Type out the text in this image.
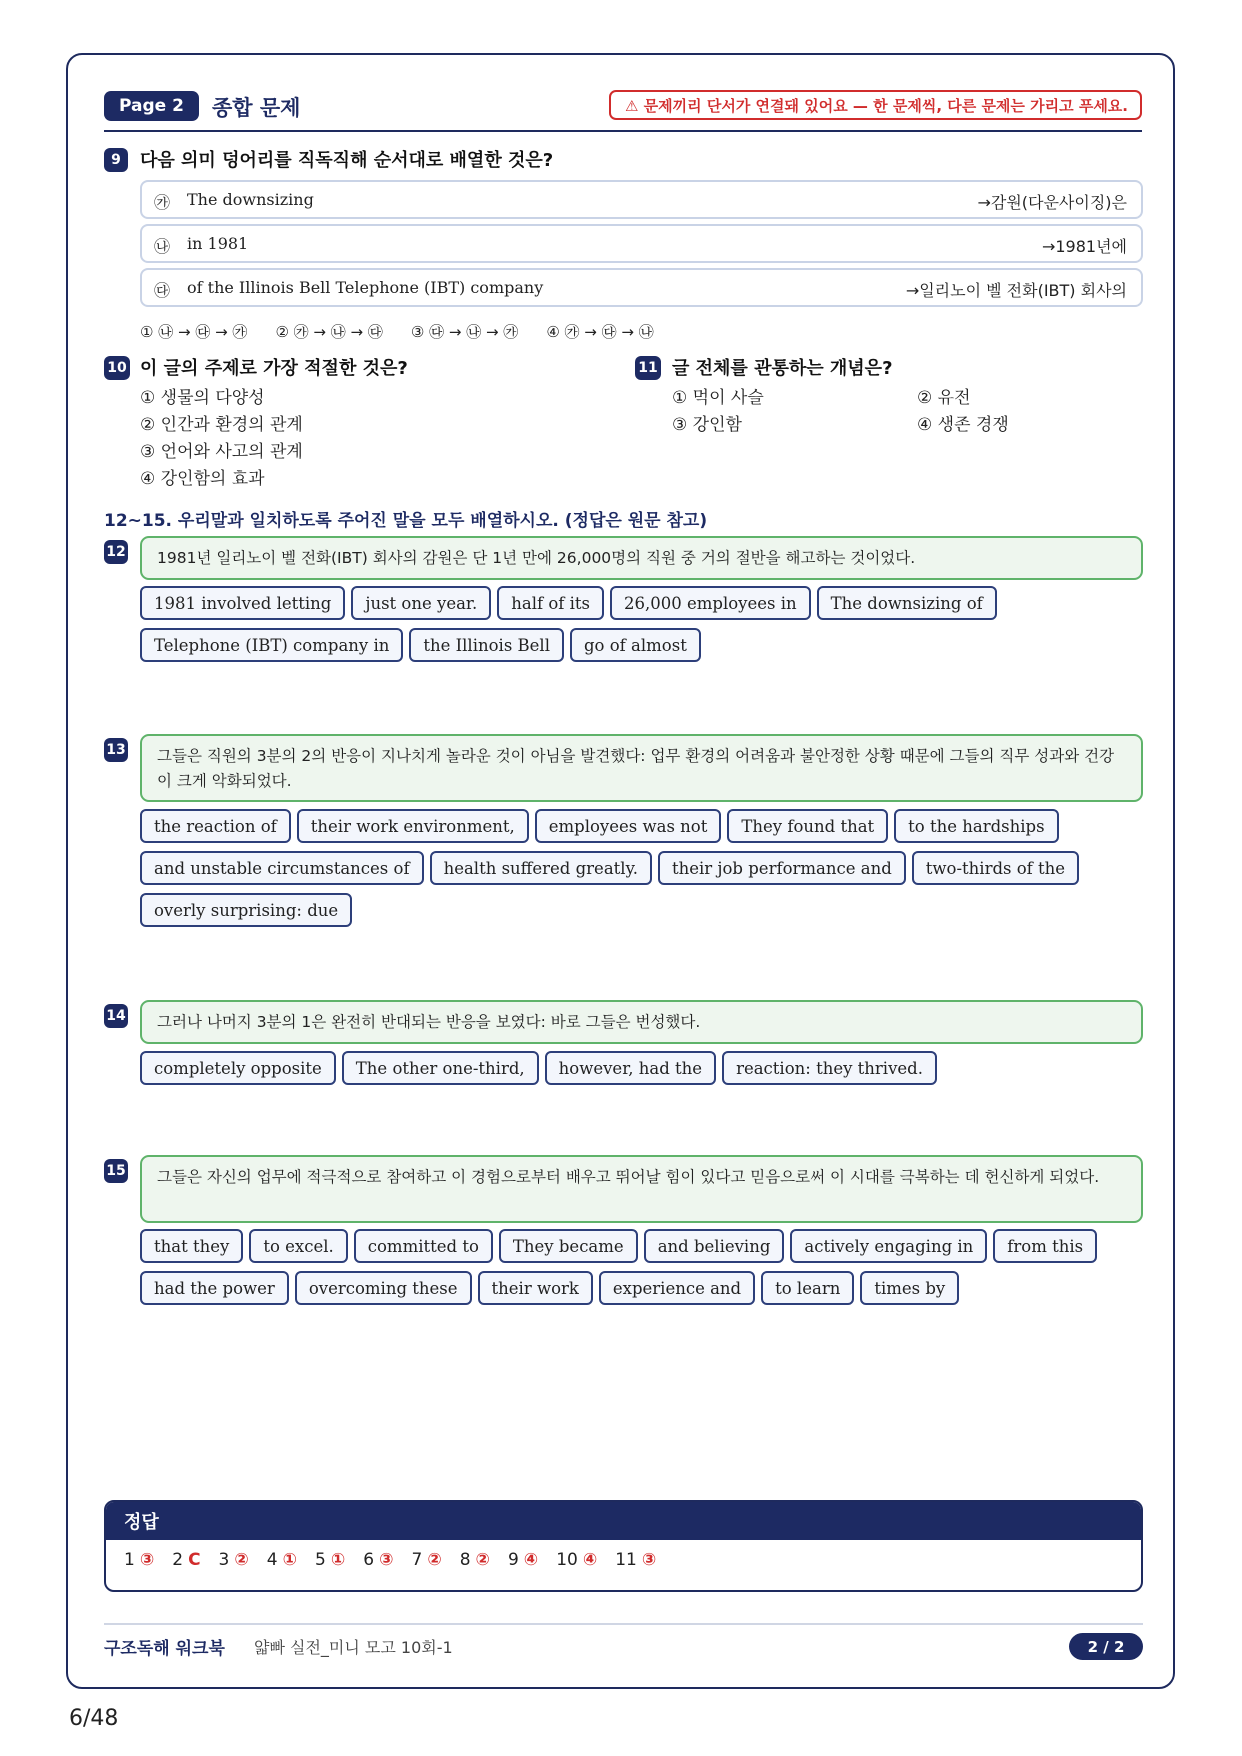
Page 2	종합 문제	⚠ 문제끼리 단서가 연결돼 있어요 — 한 문제씩, 다른 문제는 가리고 푸세요.
9	다음 의미 덩어리를 직독직해 순서대로 배열한 것은?
㉮ The downsizing	→감원(다운사이징)은
㉯ in 1981	→1981년에
㉰ of the Illinois Bell Telephone (IBT) company	→일리노이 벨 전화(IBT) 회사의
① ㉯ → ㉰ → ㉮ ② ㉮ → ㉯ → ㉰ ③ ㉰ → ㉯ → ㉮ ④ ㉮ → ㉰ → ㉯
10 이 글의 주제로 가장 적절한 것은?
① 생물의 다양성
② 인간과 환경의 관계
③ 언어와 사고의 관계
④ 강인함의 효과
11 글 전체를 관통하는 개념은?
① 먹이 사슬	② 유전
③ 강인함	④ 생존 경쟁
12~15. 우리말과 일치하도록 주어진 말을 모두 배열하시오. (정답은 원문 참고)
12	1981년 일리노이 벨 전화(IBT) 회사의 감원은 단 1년 만에 26,000명의 직원 중 거의 절반을 해고하는 것이었다.
1981 involved letting	just one year.	half of its	26,000 employees in	The downsizing of
Telephone (IBT) company in	the Illinois Bell	go of almost
13	그들은 직원의 3분의 2의 반응이 지나치게 놀라운 것이 아님을 발견했다: 업무 환경의 어려움과 불안정한 상황 때문에 그들의 직무 성과와 건강이 크게 악화되었다.
the reaction of	their work environment,	employees was not	They found that	to the hardships
and unstable circumstances of	health suffered greatly.	their job performance and	two-thirds of the
overly surprising: due
14	그러나 나머지 3분의 1은 완전히 반대되는 반응을 보였다: 바로 그들은 번성했다.
completely opposite	The other one-third,	however, had the	reaction: they thrived.
15	그들은 자신의 업무에 적극적으로 참여하고 이 경험으로부터 배우고 뛰어날 힘이 있다고 믿음으로써 이 시대를 극복하는 데 헌신하게 되었다.
that they	to excel.	committed to	They became	and believing	actively engaging in	from this
had the power	overcoming these	their work	experience and	to learn	times by
정답
1 ③ 2 C 3 ② 4 ① 5 ① 6 ③ 7 ② 8 ② 9 ④ 10 ④ 11 ③
구조독해 워크북 얇빠 실전_미니 모고 10회-1	2 / 2
6/48
